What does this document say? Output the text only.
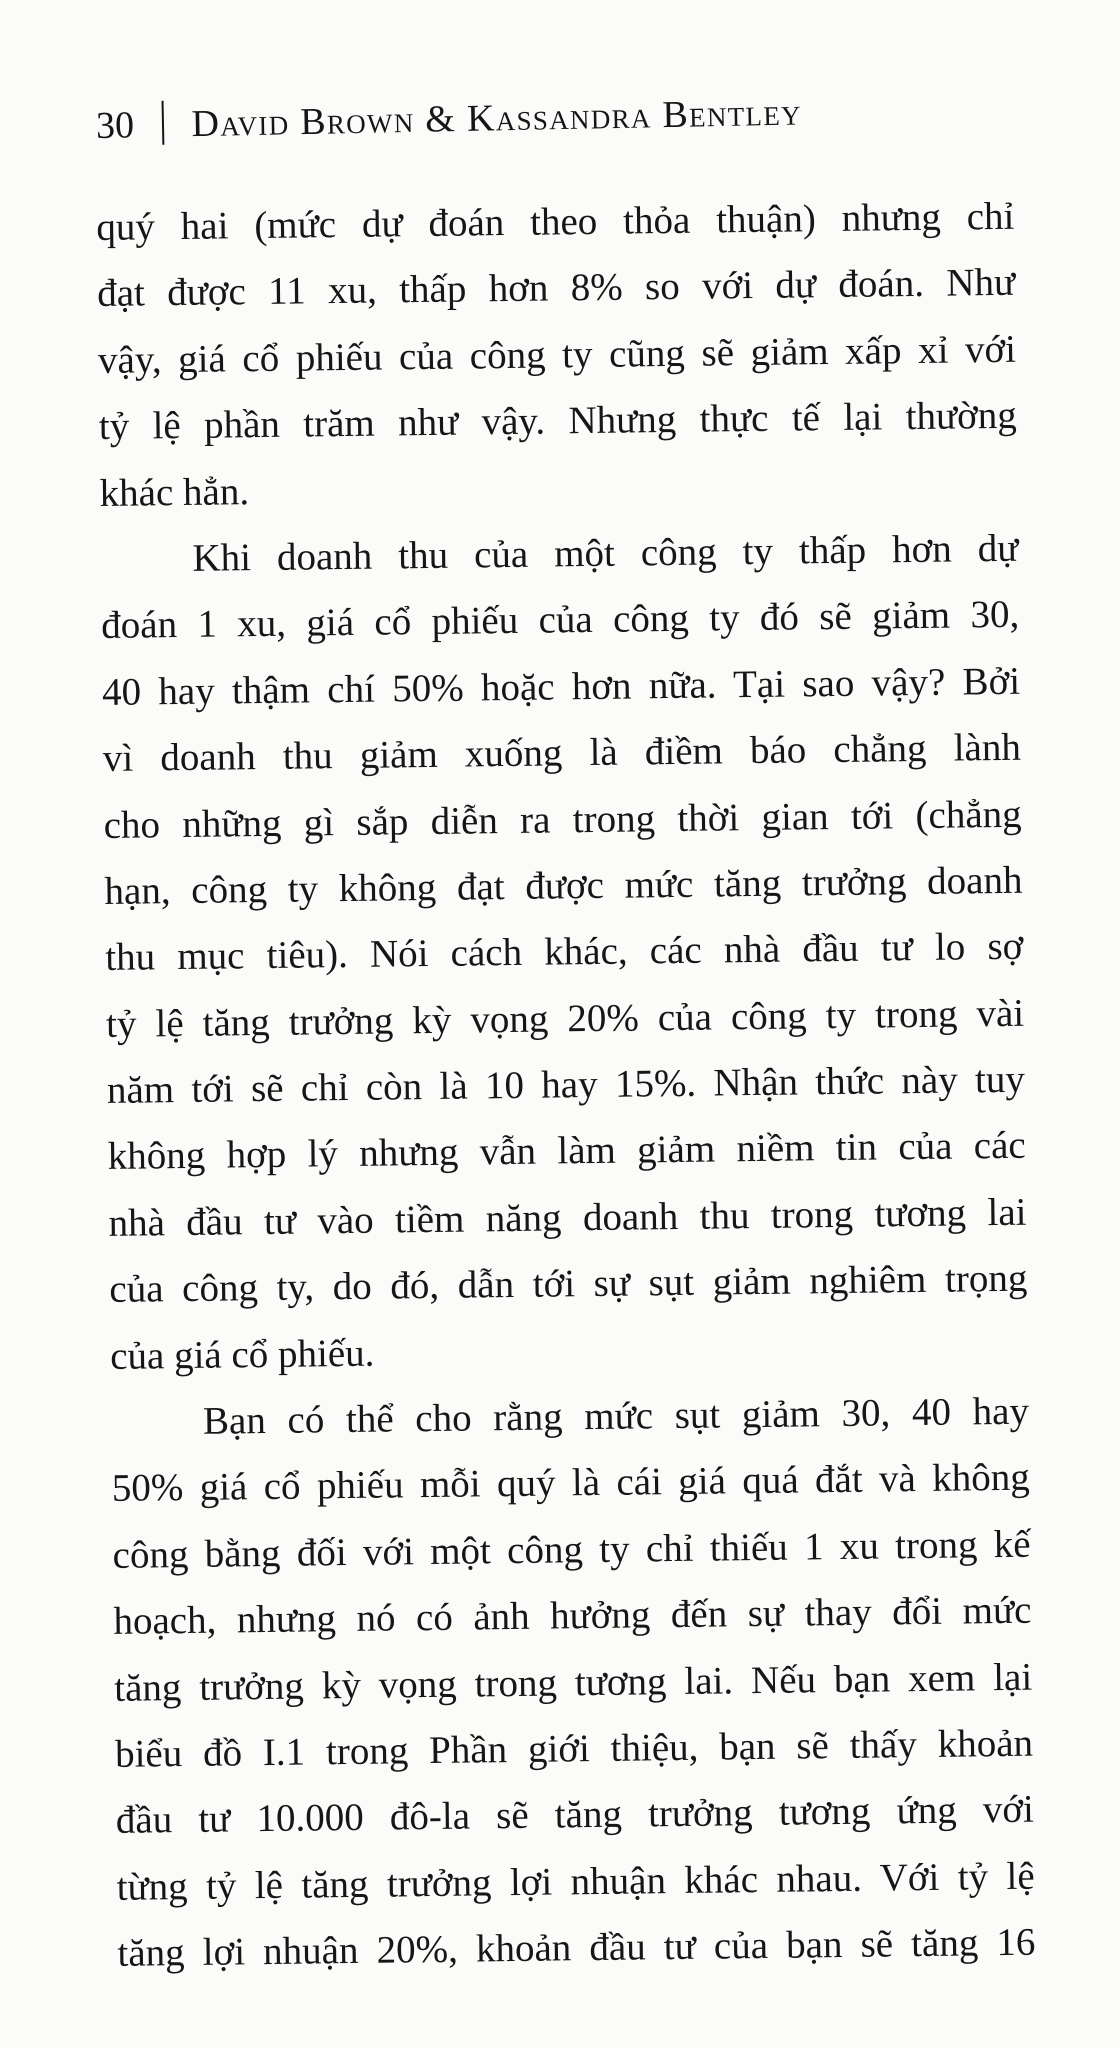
30 David Brown & Kassandra Bentley
quý hai (mức dự đoán theo thỏa thuận) nhưng chỉ
đạt được 11 xu, thấp hơn 8% so với dự đoán. Như
vậy, giá cổ phiếu của công ty cũng sẽ giảm xấp xỉ với
tỷ lệ phần trăm như vậy. Nhưng thực tế lại thường
khác hẳn.
Khi doanh thu của một công ty thấp hơn dự
đoán 1 xu, giá cổ phiếu của công ty đó sẽ giảm 30,
40 hay thậm chí 50% hoặc hơn nữa. Tại sao vậy? Bởi
vì doanh thu giảm xuống là điềm báo chẳng lành
cho những gì sắp diễn ra trong thời gian tới (chẳng
hạn, công ty không đạt được mức tăng trưởng doanh
thu mục tiêu). Nói cách khác, các nhà đầu tư lo sợ
tỷ lệ tăng trưởng kỳ vọng 20% của công ty trong vài
năm tới sẽ chỉ còn là 10 hay 15%. Nhận thức này tuy
không hợp lý nhưng vẫn làm giảm niềm tin của các
nhà đầu tư vào tiềm năng doanh thu trong tương lai
của công ty, do đó, dẫn tới sự sụt giảm nghiêm trọng
của giá cổ phiếu.
Bạn có thể cho rằng mức sụt giảm 30, 40 hay
50% giá cổ phiếu mỗi quý là cái giá quá đắt và không
công bằng đối với một công ty chỉ thiếu 1 xu trong kế
hoạch, nhưng nó có ảnh hưởng đến sự thay đổi mức
tăng trưởng kỳ vọng trong tương lai. Nếu bạn xem lại
biểu đồ I.1 trong Phần giới thiệu, bạn sẽ thấy khoản
đầu tư 10.000 đô-la sẽ tăng trưởng tương ứng với
từng tỷ lệ tăng trưởng lợi nhuận khác nhau. Với tỷ lệ
tăng lợi nhuận 20%, khoản đầu tư của bạn sẽ tăng 16
